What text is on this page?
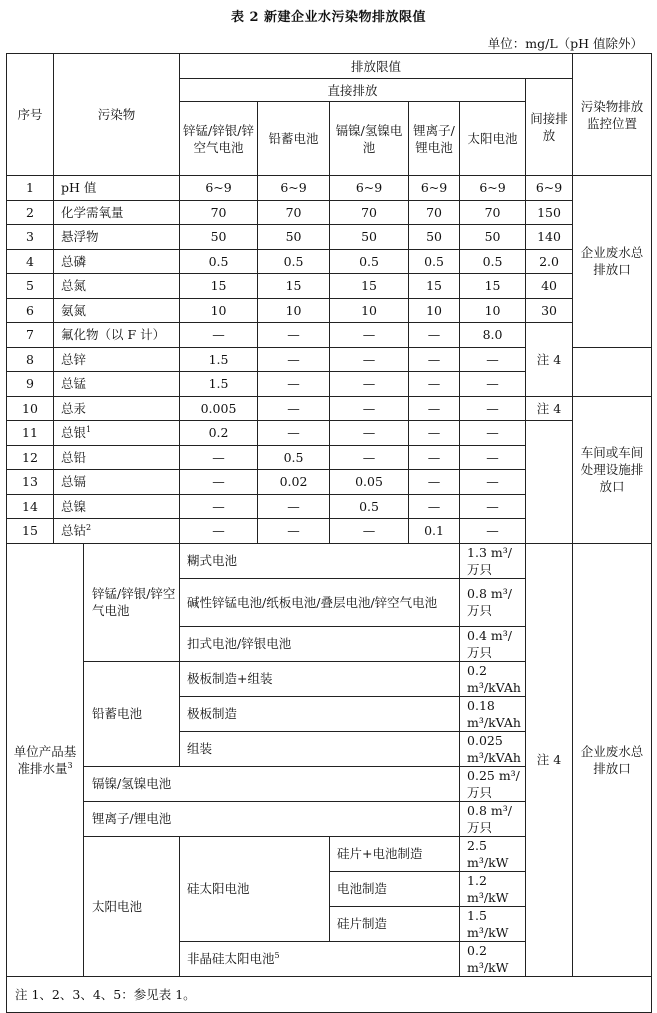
表 2 新建企业水污染物排放限值
单位：mg/L（pH 值除外）
序号	污染物		排放限值						污染物排放监控位置
			直接排放					间接排放	
			锌锰/锌银/锌空气电池	铅蓄电池	镉镍/氢镍电池	锂离子/锂电池	太阳电池		

1	pH 值		6~9	6~9	6~9	6~9	6~9	6~9	企业废水总排放口
2	化学需氧量		70	70	70	70	70	150	
3	悬浮物		50	50	50	50	50	140	
4	总磷		0.5	0.5	0.5	0.5	0.5	2.0	
5	总氮		15	15	15	15	15	40	
6	氨氮		10	10	10	10	10	30	
7	氟化物（以 F 计）		—	—	—	—	8.0	注 4	
8	总锌		1.5	—	—	—	—		
9	总锰		1.5	—	—	—	—		
10	总汞		0.005	—	—	—	—	注 4	车间或车间处理设施排放口
11	总银$^1$		0.2	—	—	—	—		
12	总铅		—	0.5	—	—	—		
13	总镉		—	0.02	0.05	—	—		
14	总镍		—	—	0.5	—	—		
15	总钴$^2$		—	—	—	0.1	—		
单位产品基准排水量$^3$		锌锰/锌银/锌空气电池	糊式电池				1.3 m³/万只	注 4	企业废水总排放口
			碱性锌锰电池/纸板电池/叠层电池/锌空气电池				0.8 m³/万只		
			扣式电池/锌银电池				0.4 m³/万只		
		铅蓄电池	极板制造+组装				0.2 m³/kVAh		
			极板制造				0.18 m³/kVAh		
			组装				0.025 m³/kVAh		
		镉镍/氢镍电池					0.25 m³/万只		
		锂离子/锂电池					0.8 m³/万只		
		太阳电池	硅太阳电池		硅片+电池制造		2.5 m³/kW		
					电池制造		1.2 m³/kW		
					硅片制造		1.5 m³/kW		
			非晶硅太阳电池$^5$				0.2 m³/kW		

注 1、2、3、4、5：参见表 1。									
